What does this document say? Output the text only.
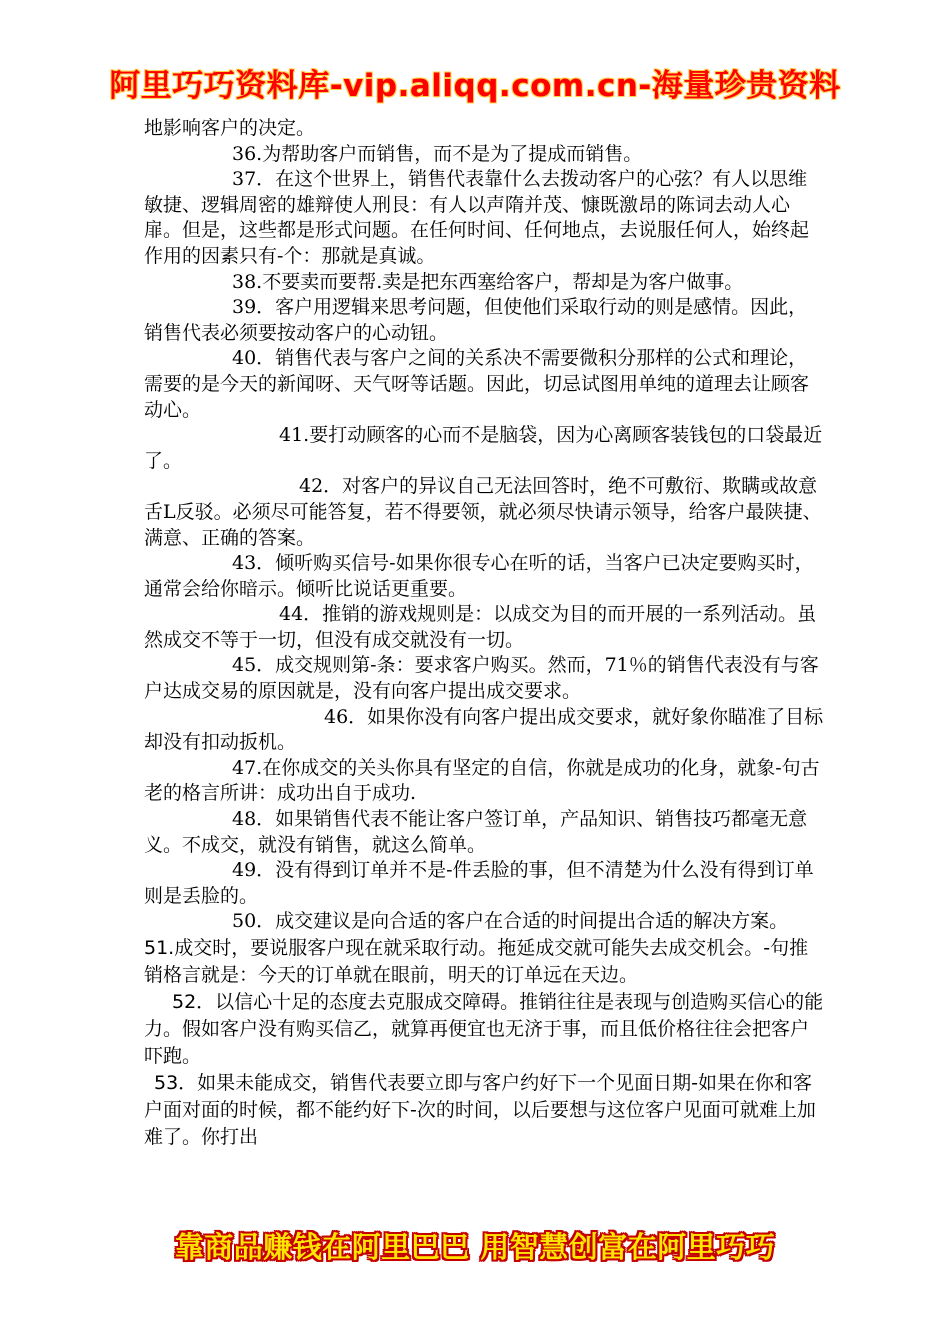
阿里巧巧资料库-vip.aliqq.com.cn-海量珍贵资料

地影响客户的决定。

36.为帮助客户而销售，而不是为了提成而销售。

37．在这个世界上，销售代表靠什么去拨动客户的心弦？有人以思维敏捷、逻辑周密的雄辩使人刑艮：有人以声隋并茂、慷既激昂的陈词去动人心扉。但是，这些都是形式问题。在任何时间、任何地点，去说服任何人，始终起作用的因素只有-个：那就是真诚。

38.不要卖而要帮.卖是把东西塞给客户，帮却是为客户做事。

39．客户用逻辑来思考问题，但使他们采取行动的则是感情。因此，销售代表必须要按动客户的心动钮。

40．销售代表与客户之间的关系决不需要微积分那样的公式和理论，需要的是今天的新闻呀、天气呀等话题。因此，切忌试图用单纯的道理去让顾客动心。

41.要打动顾客的心而不是脑袋，因为心离顾客装钱包的口袋最近了。

42．对客户的异议自己无法回答时，绝不可敷衍、欺瞒或故意舌L反驳。必须尽可能答复，若不得要领，就必须尽快请示领导，给客户最陕捷、满意、正确的答案。

43．倾听购买信号-如果你很专心在听的话，当客户已决定要购买时，通常会给你暗示。倾听比说话更重要。

44．推销的游戏规则是：以成交为目的而开展的一系列活动。虽然成交不等于一切，但没有成交就没有一切。

45．成交规则第-条：要求客户购买。然而，71％的销售代表没有与客户达成交易的原因就是，没有向客户提出成交要求。

46．如果你没有向客户提出成交要求，就好象你瞄准了目标却没有扣动扳机。

47.在你成交的关头你具有坚定的自信，你就是成功的化身，就象-句古老的格言所讲：成功出自于成功.

48．如果销售代表不能让客户签订单，产品知识、销售技巧都毫无意义。不成交，就没有销售，就这么简单。

49．没有得到订单并不是-件丢脸的事，但不清楚为什么没有得到订单则是丢脸的。

50．成交建议是向合适的客户在合适的时间提出合适的解决方案。

51.成交时，要说服客户现在就采取行动。拖延成交就可能失去成交机会。-句推销格言就是：今天的订单就在眼前，明天的订单远在天边。

52．以信心十足的态度去克服成交障碍。推销往往是表现与创造购买信心的能力。假如客户没有购买信乙，就算再便宜也无济于事，而且低价格往往会把客户吓跑。

53．如果未能成交，销售代表要立即与客户约好下一个见面日期-如果在你和客户面对面的时候，都不能约好下-次的时间，以后要想与这位客户见面可就难上加难了。你打出

靠商品赚钱在阿里巴巴 用智慧创富在阿里巧巧
